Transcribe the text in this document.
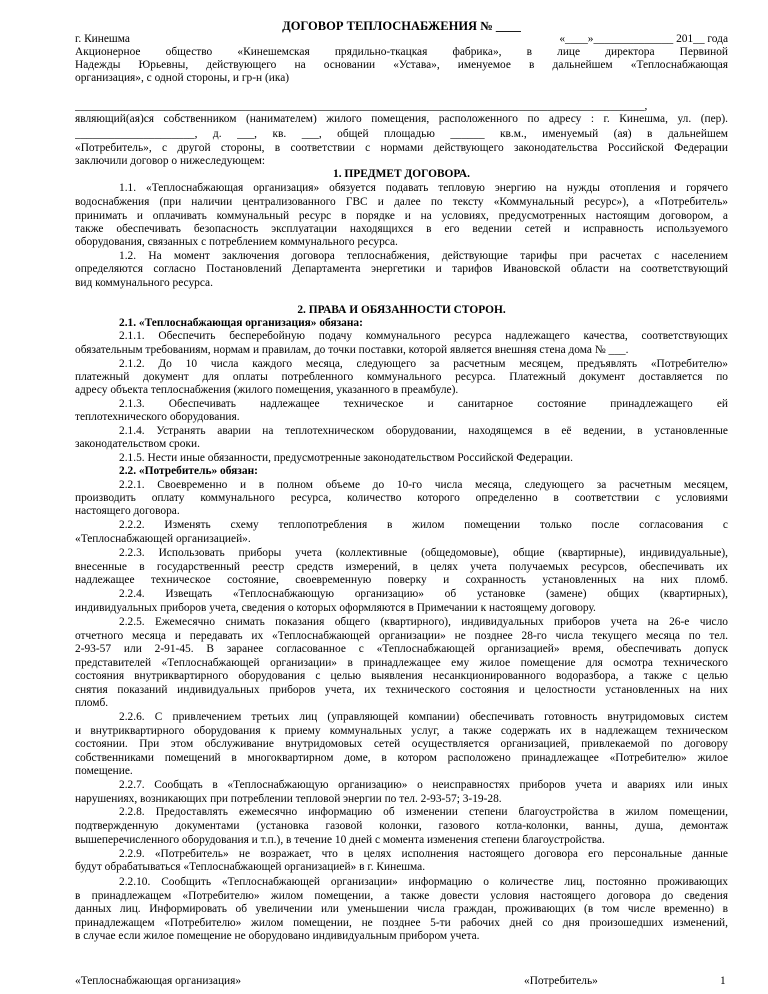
ДОГОВОР ТЕПЛОСНАБЖЕНИЯ № ____
г. Кинешма	«____»______________ 201__ года
Акционерное общество «Кинешемская прядильно-ткацкая фабрика», в лице директора Первиной
Надежды Юрьевны, действующего на основании «Устава», именуемое в дальнейшем «Теплоснабжающая
организация», с одной стороны, и гр-н (ика)
____________________________________________________________________________________________________,
являющий(ая)ся собственником (нанимателем) жилого помещения, расположенного по адресу : г. Кинешма, ул. (пер).
_____________________, д. ___, кв. ___, общей площадью ______ кв.м., именуемый (ая) в дальнейшем
«Потребитель», с другой стороны, в соответствии с нормами действующего законодательства Российской Федерации
заключили договор о нижеследующем:
1. ПРЕДМЕТ ДОГОВОРА.
1.1. «Теплоснабжающая организация» обязуется подавать тепловую энергию на нужды отопления и горячего
водоснабжения (при наличии централизованного ГВС и далее по тексту «Коммунальный ресурс»), а «Потребитель»
принимать и оплачивать коммунальный ресурс в порядке и на условиях, предусмотренных настоящим договором, а
также обеспечивать безопасность эксплуатации находящихся в его ведении сетей и исправность используемого
оборудования, связанных с потреблением коммунального ресурса.
1.2. На момент заключения договора теплоснабжения, действующие тарифы при расчетах с населением
определяются согласно Постановлений Департамента энергетики и тарифов Ивановской области на соответствующий
вид коммунального ресурса.
2. ПРАВА И ОБЯЗАННОСТИ СТОРОН.
2.1. «Теплоснабжающая организация» обязана:
2.1.1. Обеспечить бесперебойную подачу коммунального ресурса надлежащего качества, соответствующих
обязательным требованиям, нормам и правилам, до точки поставки, которой является внешняя стена дома № ___.
2.1.2. До 10 числа каждого месяца, следующего за расчетным месяцем, предъявлять «Потребителю»
платежный документ для оплаты потребленного коммунального ресурса. Платежный документ доставляется по
адресу объекта теплоснабжения (жилого помещения, указанного в преамбуле).
2.1.3. Обеспечивать надлежащее техническое и санитарное состояние принадлежащего ей
теплотехнического оборудования.
2.1.4. Устранять аварии на теплотехническом оборудовании, находящемся в её ведении, в установленные
законодательством сроки.
2.1.5. Нести иные обязанности, предусмотренные законодательством Российской Федерации.
2.2. «Потребитель» обязан:
2.2.1. Своевременно и в полном объеме до 10-го числа месяца, следующего за расчетным месяцем,
производить оплату коммунального ресурса, количество которого определенно в соответствии с условиями
настоящего договора.
2.2.2. Изменять схему теплопотребления в жилом помещении только после согласования с
«Теплоснабжающей организацией».
2.2.3. Использовать приборы учета (коллективные (общедомовые), общие (квартирные), индивидуальные),
внесенные в государственный реестр средств измерений, в целях учета получаемых ресурсов, обеспечивать их
надлежащее техническое состояние, своевременную поверку и сохранность установленных на них пломб.
2.2.4. Извещать «Теплоснабжающую организацию» об установке (замене) общих (квартирных),
индивидуальных приборов учета, сведения о которых оформляются в Примечании к настоящему договору.
2.2.5. Ежемесячно снимать показания общего (квартирного), индивидуальных приборов учета на 26-е число
отчетного месяца и передавать их «Теплоснабжающей организации» не позднее 28-го числа текущего месяца по тел.
2-93-57 или 2-91-45. В заранее согласованное с «Теплоснабжающей организацией» время, обеспечивать допуск
представителей «Теплоснабжающей организации» в принадлежащее ему жилое помещение для осмотра технического
состояния внутриквартирного оборудования с целью выявления несанкционированного водоразбора, а также с целью
снятия показаний индивидуальных приборов учета, их технического состояния и целостности установленных на них
пломб.
2.2.6. С привлечением третьих лиц (управляющей компании) обеспечивать готовность внутридомовых систем
и внутриквартирного оборудования к приему коммунальных услуг, а также содержать их в надлежащем техническом
состоянии. При этом обслуживание внутридомовых сетей осуществляется организацией, привлекаемой по договору
собственниками помещений в многоквартирном доме, в котором расположено принадлежащее «Потребителю» жилое
помещение.
2.2.7. Сообщать в «Теплоснабжающую организацию» о неисправностях приборов учета и авариях или иных
нарушениях, возникающих при потреблении тепловой энергии по тел. 2-93-57; 3-19-28.
2.2.8. Предоставлять ежемесячно информацию об изменении степени благоустройства в жилом помещении,
подтвержденную документами (установка газовой колонки, газового котла-колонки, ванны, душа, демонтаж
вышеперечисленного оборудования и т.п.), в течение 10 дней с момента изменения степени благоустройства.
2.2.9. «Потребитель» не возражает, что в целях исполнения настоящего договора его персональные данные
будут обрабатываться «Теплоснабжающей организацией» в г. Кинешма.
2.2.10. Сообщить «Теплоснабжающей организации» информацию о количестве лиц, постоянно проживающих
в принадлежащем «Потребителю» жилом помещении, а также довести условия настоящего договора до сведения
данных лиц. Информировать об увеличении или уменьшении числа граждан, проживающих (в том числе временно) в
принадлежащем «Потребителю» жилом помещении, не позднее 5-ти рабочих дней со дня произошедших изменений,
в случае если жилое помещение не оборудовано индивидуальным прибором учета.
«Теплоснабжающая организация»	«Потребитель»	1
